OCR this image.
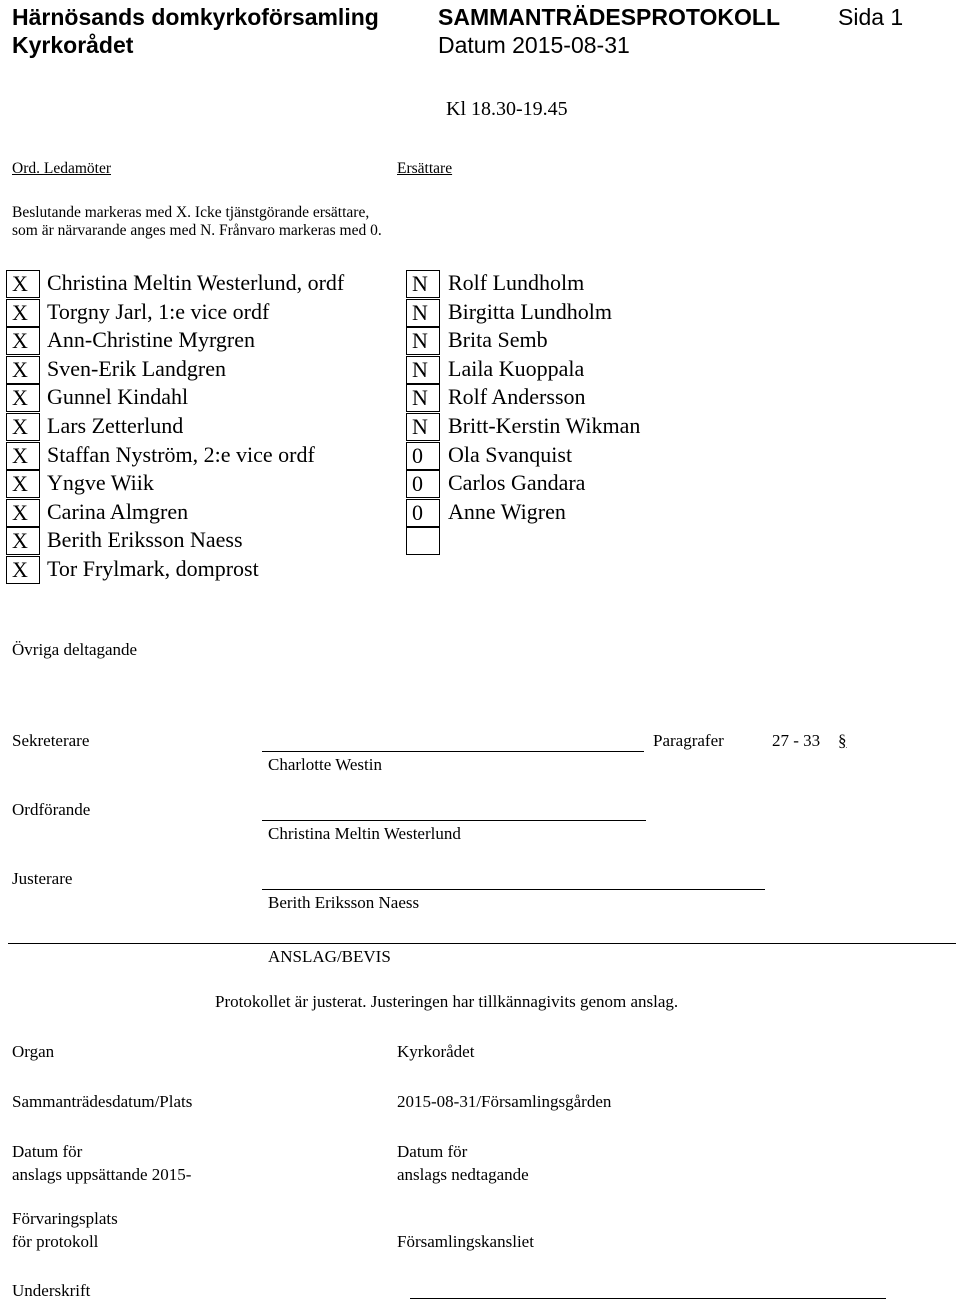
Härnösands domkyrkoförsamling	SAMMANTRÄDESPROTOKOLL	Sida 1
Kyrkorådet	Datum 2015-08-31
Kl 18.30-19.45
Ord. Ledamöter	Ersättare
Beslutande markeras med X. Icke tjänstgörande ersättare,
som är närvarande anges med N. Frånvaro markeras med 0.
X Christina Meltin Westerlund, ordf	N Rolf Lundholm
X Torgny Jarl, 1:e vice ordf	N Birgitta Lundholm
X Ann-Christine Myrgren	N Brita Semb
X Sven-Erik Landgren	N Laila Kuoppala
X Gunnel Kindahl	N Rolf Andersson
X Lars Zetterlund	N Britt-Kerstin Wikman
X Staffan Nyström, 2:e vice ordf	0	Ola Svanquist
X Yngve Wiik	0	Carlos Gandara
X Carina Almgren	0	Anne Wigren
X Berith Eriksson Naess
X Tor Frylmark, domprost
Övriga deltagande
Sekreterare
Charlotte Westin
Paragrafer	27 - 33 §
Ordförande
Christina Meltin Westerlund
Justerare
Berith Eriksson Naess
ANSLAG/BEVIS
Protokollet är justerat. Justeringen har tillkännagivits genom anslag.
Organ	Kyrkorådet
Sammanträdesdatum/Plats	2015-08-31/Församlingsgården
Datum för
anslags uppsättande 2015-
Datum för
anslags nedtagande
Förvaringsplats
för protokoll	Församlingskansliet
Underskrift
